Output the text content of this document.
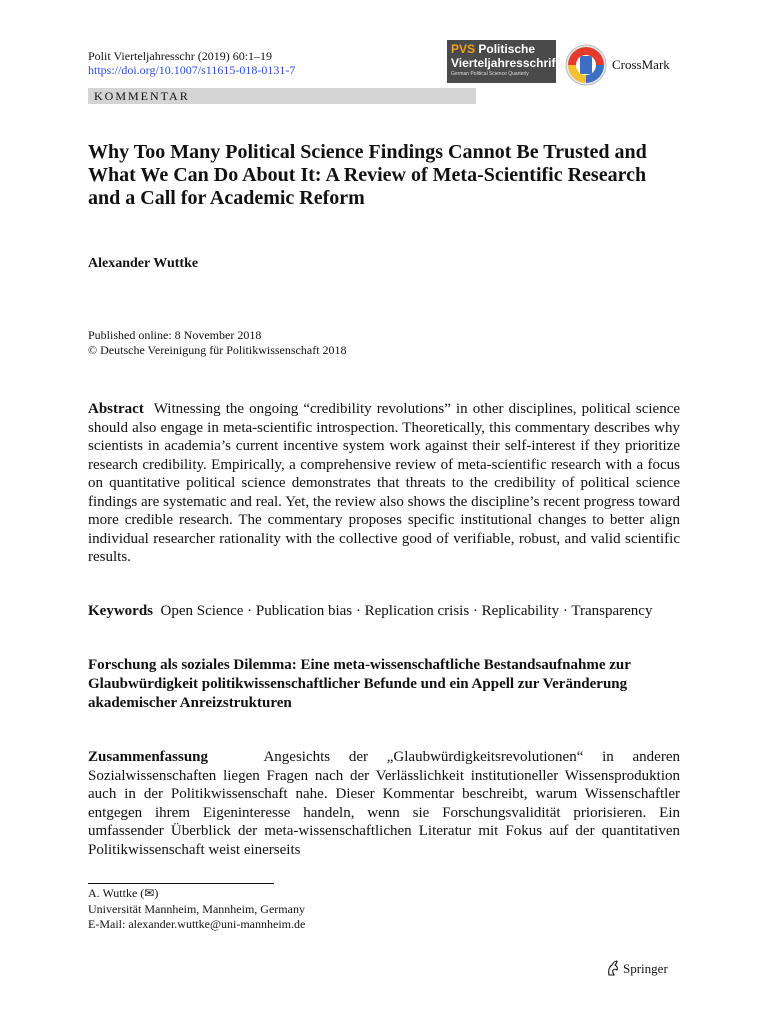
Polit Vierteljahresschr (2019) 60:1–19
https://doi.org/10.1007/s11615-018-0131-7
KOMMENTAR
PVS Politische
Vierteljahresschrift
German Political Science Quarterly
CrossMark
Why Too Many Political Science Findings Cannot Be Trusted and What We Can Do About It: A Review of Meta-Scientific Research and a Call for Academic Reform
Alexander Wuttke
Published online: 8 November 2018
© Deutsche Vereinigung für Politikwissenschaft 2018

Abstract Witnessing the ongoing “credibility revolutions” in other disciplines, political science should also engage in meta-scientific introspection. Theoretically, this commentary describes why scientists in academia’s current incentive system work against their self-interest if they prioritize research credibility. Empirically, a comprehensive review of meta-scientific research with a focus on quantitative political science demonstrates that threats to the credibility of political science findings are systematic and real. Yet, the review also shows the discipline’s recent progress toward more credible research. The commentary proposes specific institutional changes to better align individual researcher rationality with the collective good of verifiable, robust, and valid scientific results.

Keywords Open Science · Publication bias · Replication crisis · Replicability · Transparency

Forschung als soziales Dilemma: Eine meta-wissenschaftliche Bestandsaufnahme zur Glaubwürdigkeit politikwissenschaftlicher Befunde und ein Appell zur Veränderung akademischer Anreizstrukturen

Zusammenfassung	Angesichts der „Glaubwürdigkeitsrevolutionen“ in anderen Sozialwissenschaften liegen Fragen nach der Verlässlichkeit institutioneller Wissensproduktion auch in der Politikwissenschaft nahe. Dieser Kommentar beschreibt, warum Wissenschaftler entgegen ihrem Eigeninteresse handeln, wenn sie Forschungsvalidität priorisieren. Ein umfassender Überblick der meta-wissenschaftlichen Literatur mit Fokus auf der quantitativen Politikwissenschaft weist einerseits

A. Wuttke (✉)
Universität Mannheim, Mannheim, Germany
E-Mail: alexander.wuttke@uni-mannheim.de
Springer
